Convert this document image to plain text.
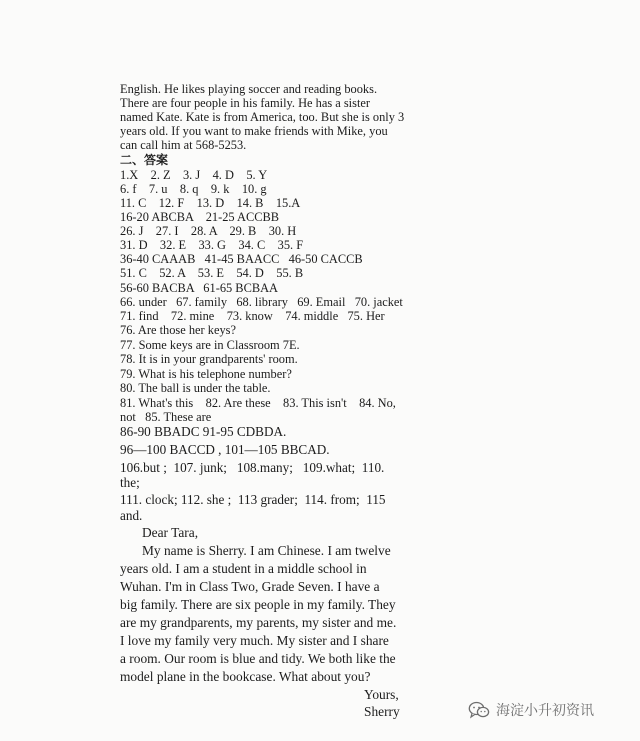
English. He likes playing soccer and reading books.
There are four people in his family. He has a sister
named Kate. Kate is from America, too. But she is only 3
years old. If you want to make friends with Mike, you
can call him at 568-5253.
二、答案
1.X    2. Z    3. J    4. D    5. Y
6. f    7. u    8. q    9. k    10. g
11. C    12. F    13. D    14. B    15.A
16-20 ABCBA    21-25 ACCBB
26. J    27. I    28. A    29. B    30. H
31. D    32. E    33. G    34. C    35. F
36-40 CAAAB   41-45 BAACC   46-50 CACCB
51. C    52. A    53. E    54. D    55. B
56-60 BACBA   61-65 BCBAA
66. under   67. family   68. library   69. Email   70. jacket
71. find    72. mine    73. know    74. middle   75. Her
76. Are those her keys?
77. Some keys are in Classroom 7E.
78. It is in your grandparents' room.
79. What is his telephone number?
80. The ball is under the table.
81. What's this    82. Are these    83. This isn't    84. No,
not   85. These are
86-90 BBADC 91-95 CDBDA.
96—100 BACCD , 101—105 BBCAD.
106.but ;  107. junk;   108.many;   109.what;  110.
the;
111. clock; 112. she ;  113 grader;  114. from;  115
and.
Dear Tara,
My name is Sherry. I am Chinese. I am twelve
years old. I am a student in a middle school in
Wuhan. I'm in Class Two, Grade Seven. I have a
big family. There are six people in my family. They
are my grandparents, my parents, my sister and me.
I love my family very much. My sister and I share
a room. Our room is blue and tidy. We both like the
model plane in the bookcase. What about you?
Yours,
Sherry	海淀小升初资讯
